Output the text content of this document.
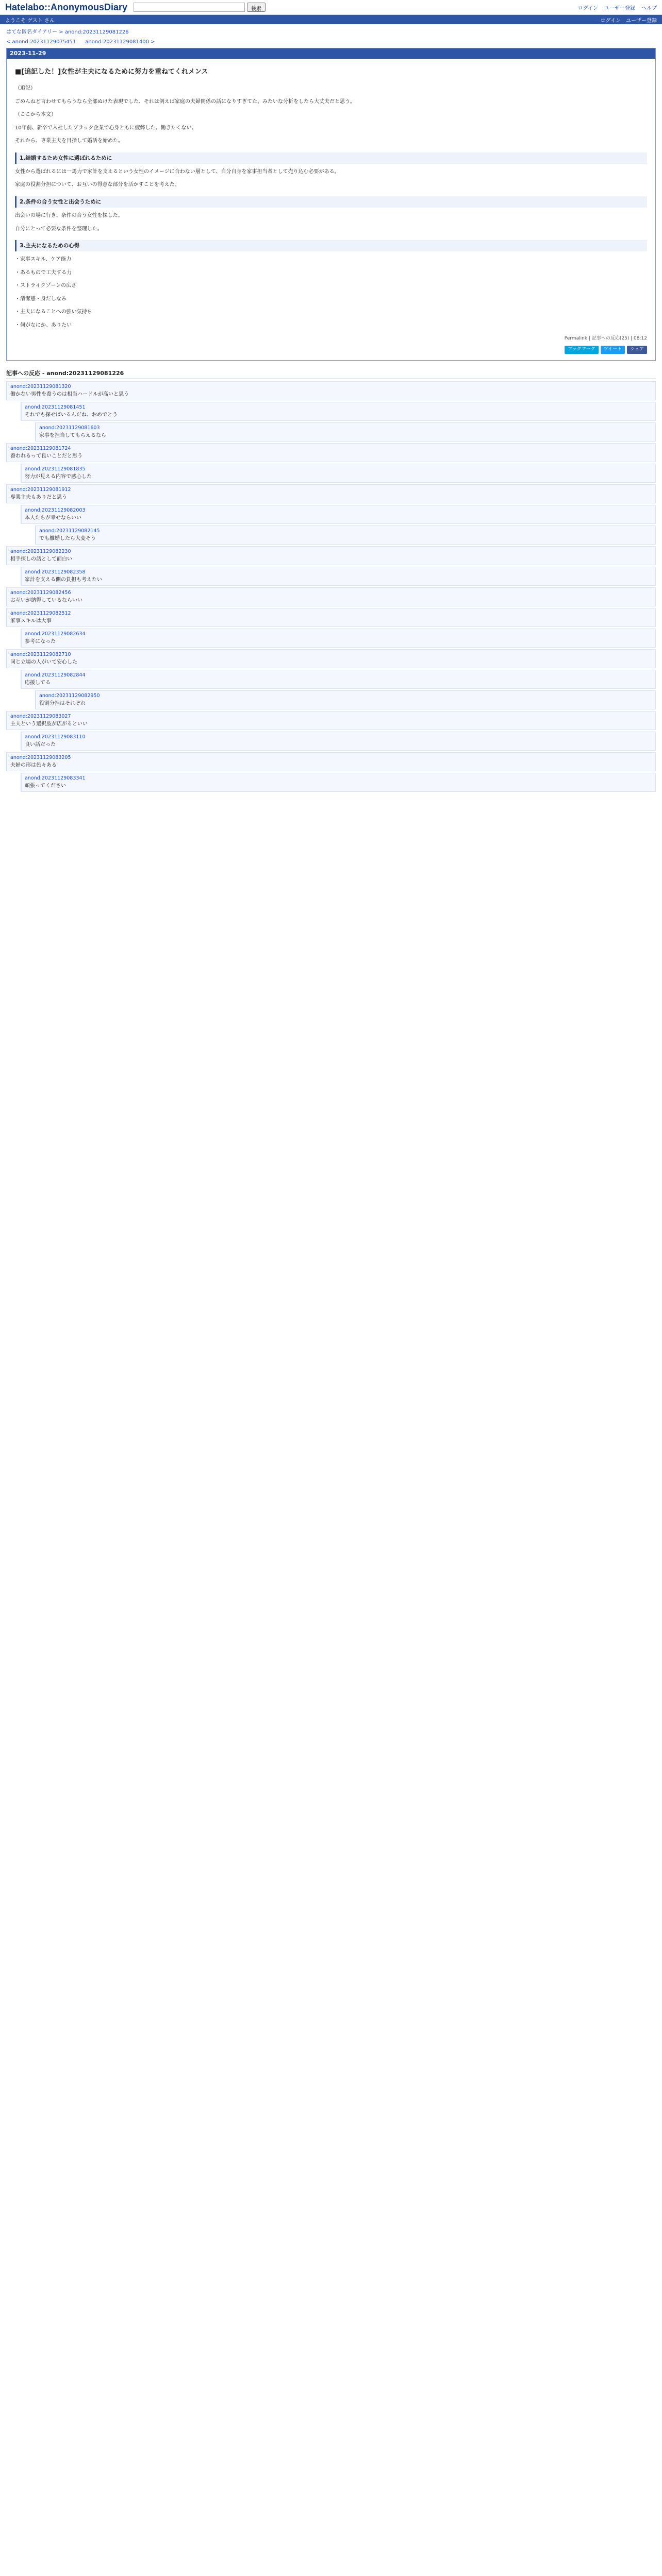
Hatelabo::AnonymousDiary	検索	ログイン ユーザー登録 ヘルプ
ようこそ ゲスト さん	ログイン ユーザー登録
はてな匿名ダイアリー > anond:20231129081226
< anond:20231129075451 anond:20231129081400 >
2023-11-29
■[追記した！]女性が主夫になるために努力を重ねてくれメンス

（追記）

ごめんねど言わせてもらうなら全部ぬけた表現でした、それは例えば家庭の夫婦関係の話になりすぎてた、みたいな分析をしたら大丈夫だと思う。

（ここから本文）

10年前、新卒で入社したブラック企業で心身ともに疲弊した。働きたくない。

それから、専業主夫を目指して婚活を始めた。

1.結婚するため女性に選ばれるために

女性から選ばれるには一馬力で家計を支えるという女性のイメージに合わない層として、自分自身を家事担当者として売り込む必要がある。

家庭の役割分担について、お互いの得意な部分を活かすことを考えた。

2.条件の合う女性と出会うために

出会いの場に行き、条件の合う女性を探した。

自分にとって必要な条件を整理した。

3.主夫になるための心得

・家事スキル、ケア能力

・あるもので工夫する力

・ストライクゾーンの広さ

・清潔感・身だしなみ

・主夫になることへの強い気持ち

・何がなにか、ありたい

Permalink | 記事への反応(25) | 08:12
ブックマーク	ツイート	シェア
記事への反応 - anond:20231129081226
anond:20231129081320
働かない男性を養うのは相当ハードルが高いと思う
anond:20231129081451
それでも探せばいるんだね、おめでとう
anond:20231129081603
家事を担当してもらえるなら
anond:20231129081724
養われるって良いことだと思う
anond:20231129081835
努力が見える内容で感心した
anond:20231129081912
専業主夫もありだと思う
anond:20231129082003
本人たちが幸せならいい
anond:20231129082145
でも離婚したら大変そう
anond:20231129082230
相手探しの話として面白い
anond:20231129082358
家計を支える側の負担も考えたい
anond:20231129082456
お互いが納得しているならいい
anond:20231129082512
家事スキルは大事
anond:20231129082634
参考になった
anond:20231129082710
同じ立場の人がいて安心した
anond:20231129082844
応援してる
anond:20231129082950
役割分担はそれぞれ
anond:20231129083027
主夫という選択肢が広がるといい
anond:20231129083110
良い話だった
anond:20231129083205
夫婦の形は色々ある
anond:20231129083341
頑張ってください
